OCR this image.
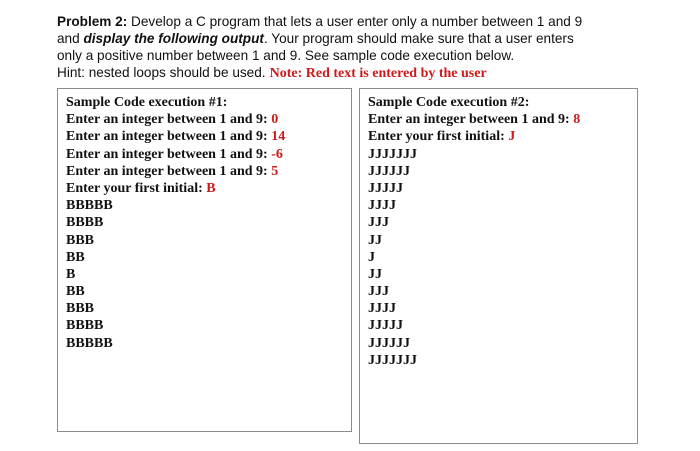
Problem 2: Develop a C program that lets a user enter only a number between 1 and 9
and display the following output. Your program should make sure that a user enters
only a positive number between 1 and 9. See sample code execution below.
Hint: nested loops should be used. Note: Red text is entered by the user
Sample Code execution #1:
Enter an integer between 1 and 9: 0
Enter an integer between 1 and 9: 14
Enter an integer between 1 and 9: -6
Enter an integer between 1 and 9: 5
Enter your first initial: B
BBBBB
BBBB
BBB
BB
B
BB
BBB
BBBB
BBBBB
Sample Code execution #2:
Enter an integer between 1 and 9: 8
Enter your first initial: J
JJJJJJJ
JJJJJJ
JJJJJ
JJJJ
JJJ
JJ
J
JJ
JJJ
JJJJ
JJJJJ
JJJJJJ
JJJJJJJ
